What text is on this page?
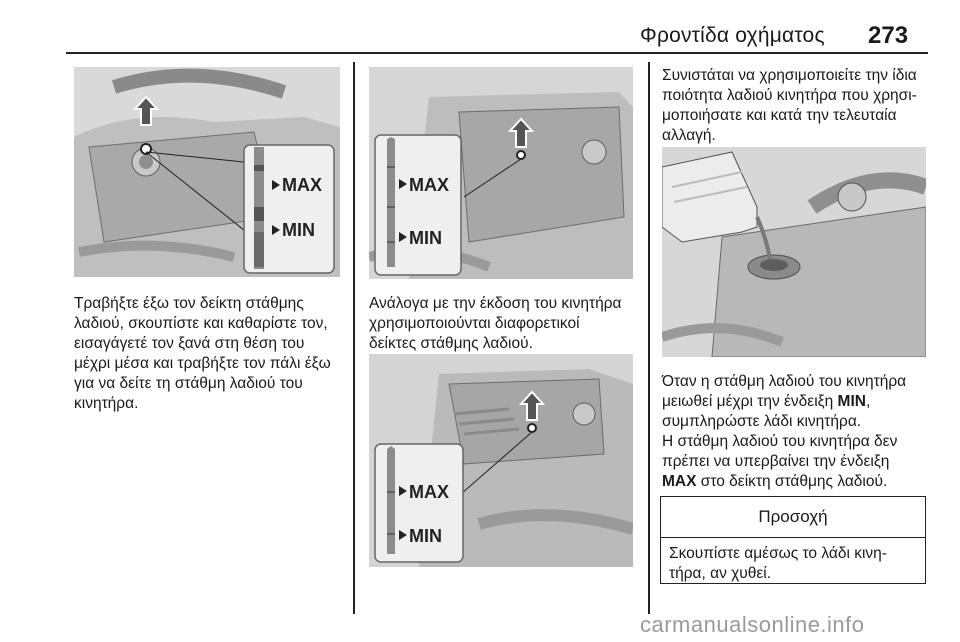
Φροντίδα οχήματος	273
MAX
MIN
MAX
MIN
MAX
MIN

Τραβήξτε έξω τον δείκτη στάθμης
λαδιού, σκουπίστε και καθαρίστε τον,
εισαγάγετέ τον ξανά στη θέση του
μέχρι μέσα και τραβήξτε τον πάλι έξω
για να δείτε τη στάθμη λαδιού του
κινητήρα.

Ανάλογα με την έκδοση του κινητήρα
χρησιμοποιούνται διαφορετικοί
δείκτες στάθμης λαδιού.

Συνιστάται να χρησιμοποιείτε την ίδια
ποιότητα λαδιού κινητήρα που χρησι-
μοποιήσατε και κατά την τελευταία
αλλαγή.

Όταν η στάθμη λαδιού του κινητήρα
μειωθεί μέχρι την ένδειξη MIN,
συμπληρώστε λάδι κινητήρα.

Η στάθμη λαδιού του κινητήρα δεν
πρέπει να υπερβαίνει την ένδειξη
MAX στο δείκτη στάθμης λαδιού.

Προσοχή
Σκουπίστε αμέσως το λάδι κινη-
τήρα, αν χυθεί.
carmanualsonline.info
